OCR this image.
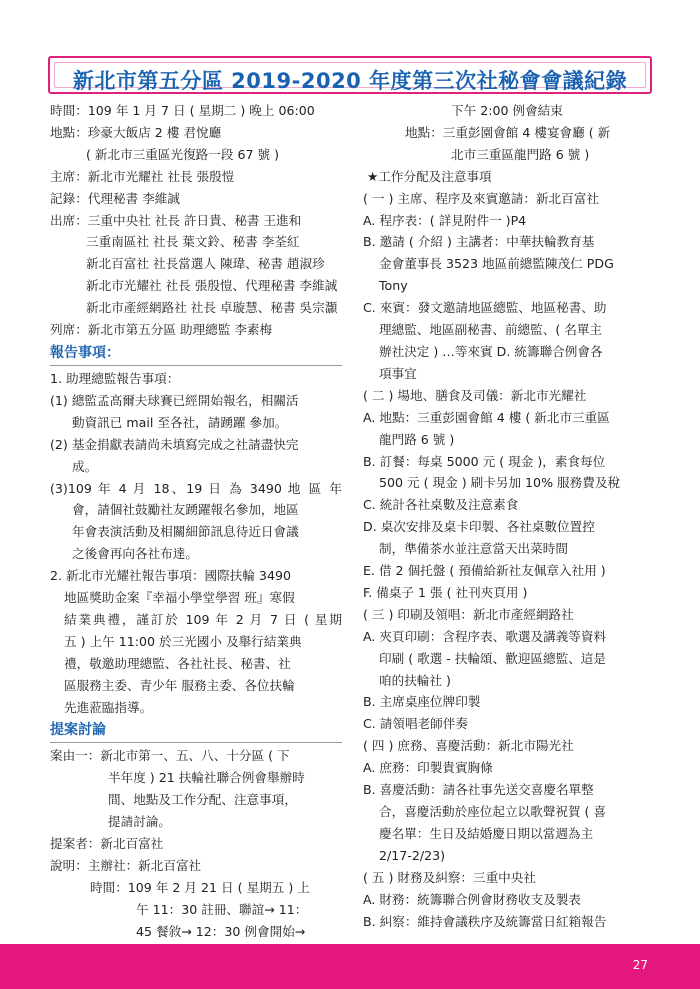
新北市第五分區 2019-2020 年度第三次社秘會會議紀錄
時間：109 年 1 月 7 日 ( 星期二 ) 晚上 06:00
地點：珍豪大飯店 2 樓 君悅廳
( 新北市三重區光復路一段 67 號 )
主席：新北市光耀社 社長 張殷愷
記錄：代理秘書 李維誠
出席：三重中央社 社長 許日貴、秘書 王進和
三重南區社 社長 葉文鈴、秘書 李荃紅
新北百富社 社長當選人 陳瑋、秘書 趙淑珍
新北市光耀社 社長 張殷愷、代理秘書 李維誠
新北市產經網路社 社長 卓璇慧、秘書 吳宗灝
列席：新北市第五分區 助理總監 李素梅
報告事項：
1. 助理總監報告事項：
(1) 總監孟高爾夫球賽已經開始報名，相關活
動資訊已 mail 至各社，請踴躍 參加。
(2) 基金捐獻表請尚未填寫完成之社請盡快完
成。
(3)109 年 4 月 18、19 日 為 3490 地 區 年
會，請個社鼓勵社友踴躍報名參加，地區
年會表演活動及相關細節訊息待近日會議
之後會再向各社布達。
2. 新北市光耀社報告事項：國際扶輪 3490
地區獎助金案『幸福小學堂學習 班』寒假
結業典禮，謹訂於 109 年 2 月 7 日 ( 星期
五 ) 上午 11:00 於三光國小 及舉行結業典
禮，敬邀助理總監、各社社長、秘書、社
區服務主委、青少年 服務主委、各位扶輪
先進蒞臨指導。
提案討論
案由一：新北市第一、五、八、十分區 ( 下
半年度 ) 21 扶輪社聯合例會舉辦時
間、地點及工作分配、注意事項，
提請討論。
提案者：新北百富社
說明：主辦社：新北百富社
時間：109 年 2 月 21 日 ( 星期五 ) 上
午 11：30 註冊、聯誼→ 11：
45 餐敘→ 12：30 例會開始→
下午 2:00 例會結束
地點：三重彭園會館 4 樓宴會廳 ( 新
北市三重區龍門路 6 號 )
★工作分配及注意事項
( 一 ) 主席、程序及來賓邀請：新北百富社
A. 程序表：( 詳見附件一 )P4
B. 邀請 ( 介紹 ) 主講者：中華扶輪教育基
金會董事長 3523 地區前總監陳茂仁 PDG
Tony
C. 來賓：發文邀請地區總監、地區秘書、助
理總監、地區副秘書、前總監、( 名單主
辦社決定 ) …等來賓 D. 統籌聯合例會各
項事宜
( 二 ) 場地、膳食及司儀：新北市光耀社
A. 地點：三重彭園會館 4 樓 ( 新北市三重區
龍門路 6 號 )
B. 訂餐：每桌 5000 元 ( 現金 )，素食每位
500 元 ( 現金 ) 刷卡另加 10% 服務費及稅
C. 統計各社桌數及注意素食
D. 桌次安排及桌卡印製、各社桌數位置控
制，準備茶水並注意當天出菜時間
E. 借 2 個托盤 ( 預備給新社友佩章入社用 )
F. 備桌子 1 張 ( 社刊夾頁用 )
( 三 ) 印刷及領唱：新北市產經網路社
A. 夾頁印刷：含程序表、歌選及講義等資料
印刷 ( 歌選 - 扶輪頌、歡迎區總監、這是
咱的扶輪社 )
B. 主席桌座位牌印製
C. 請領唱老師伴奏
( 四 ) 庶務、喜慶活動：新北市陽光社
A. 庶務：印製貴賓胸條
B. 喜慶活動：請各社事先送交喜慶名單整
合，喜慶活動於座位起立以歌聲祝賀 ( 喜
慶名單：生日及結婚慶日期以當週為主
2/17-2/23)
( 五 ) 財務及糾察：三重中央社
A. 財務：統籌聯合例會財務收支及製表
B. 糾察：維持會議秩序及統籌當日紅箱報告
27
